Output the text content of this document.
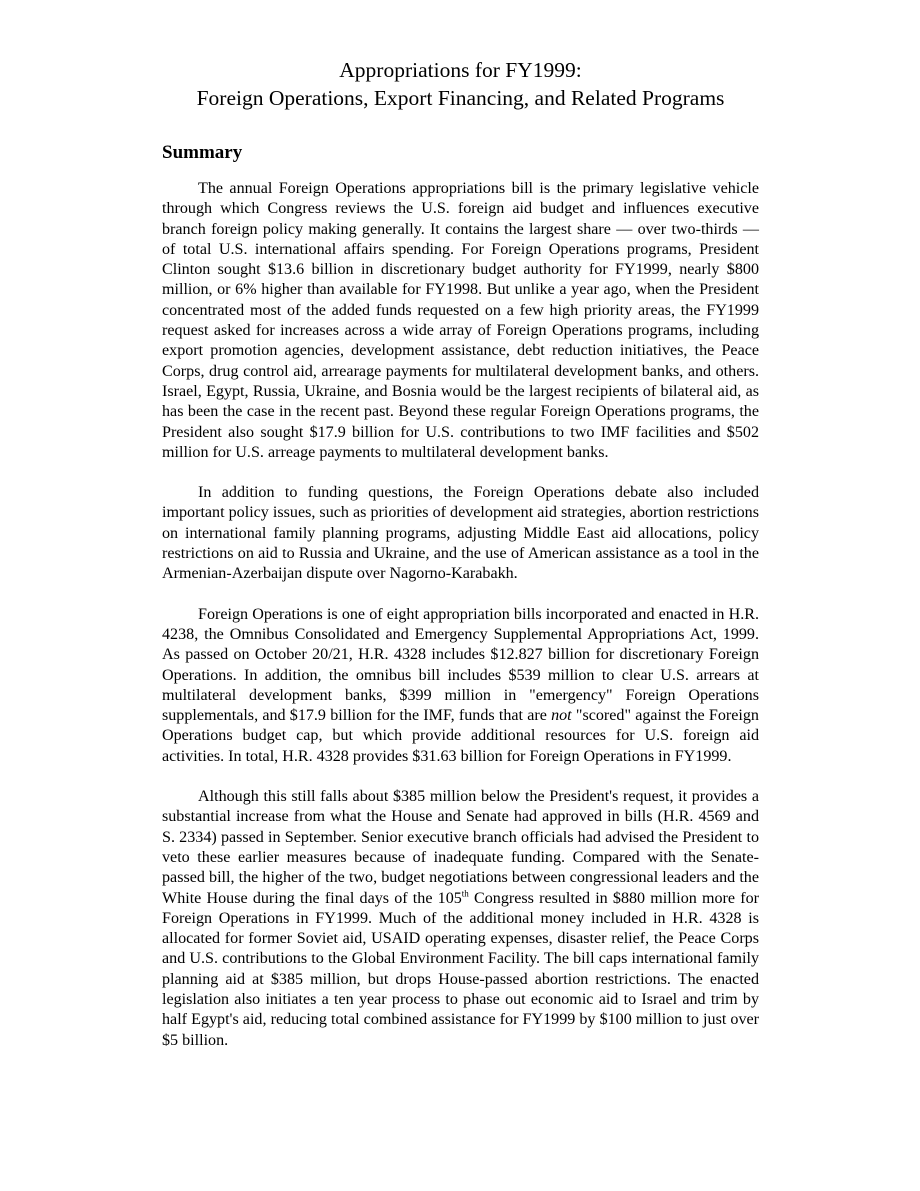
Appropriations for FY1999:
Foreign Operations, Export Financing, and Related Programs
Summary

The annual Foreign Operations appropriations bill is the primary legislative vehicle through which Congress reviews the U.S. foreign aid budget and influences executive branch foreign policy making generally. It contains the largest share — over two-thirds — of total U.S. international affairs spending. For Foreign Operations programs, President Clinton sought $13.6 billion in discretionary budget authority for FY1999, nearly $800 million, or 6% higher than available for FY1998. But unlike a year ago, when the President concentrated most of the added funds requested on a few high priority areas, the FY1999 request asked for increases across a wide array of Foreign Operations programs, including export promotion agencies, development assistance, debt reduction initiatives, the Peace Corps, drug control aid, arrearage payments for multilateral development banks, and others. Israel, Egypt, Russia, Ukraine, and Bosnia would be the largest recipients of bilateral aid, as has been the case in the recent past. Beyond these regular Foreign Operations programs, the President also sought $17.9 billion for U.S. contributions to two IMF facilities and $502 million for U.S. arreage payments to multilateral development banks.

In addition to funding questions, the Foreign Operations debate also included important policy issues, such as priorities of development aid strategies, abortion restrictions on international family planning programs, adjusting Middle East aid allocations, policy restrictions on aid to Russia and Ukraine, and the use of American assistance as a tool in the Armenian-Azerbaijan dispute over Nagorno-Karabakh.

Foreign Operations is one of eight appropriation bills incorporated and enacted in H.R. 4238, the Omnibus Consolidated and Emergency Supplemental Appropriations Act, 1999. As passed on October 20/21, H.R. 4328 includes $12.827 billion for discretionary Foreign Operations. In addition, the omnibus bill includes $539 million to clear U.S. arrears at multilateral development banks, $399 million in "emergency" Foreign Operations supplementals, and $17.9 billion for the IMF, funds that are not "scored" against the Foreign Operations budget cap, but which provide additional resources for U.S. foreign aid activities. In total, H.R. 4328 provides $31.63 billion for Foreign Operations in FY1999.

Although this still falls about $385 million below the President's request, it provides a substantial increase from what the House and Senate had approved in bills (H.R. 4569 and S. 2334) passed in September. Senior executive branch officials had advised the President to veto these earlier measures because of inadequate funding. Compared with the Senate-passed bill, the higher of the two, budget negotiations between congressional leaders and the White House during the final days of the 105th Congress resulted in $880 million more for Foreign Operations in FY1999. Much of the additional money included in H.R. 4328 is allocated for former Soviet aid, USAID operating expenses, disaster relief, the Peace Corps and U.S. contributions to the Global Environment Facility. The bill caps international family planning aid at $385 million, but drops House-passed abortion restrictions. The enacted legislation also initiates a ten year process to phase out economic aid to Israel and trim by half Egypt's aid, reducing total combined assistance for FY1999 by $100 million to just over $5 billion.
